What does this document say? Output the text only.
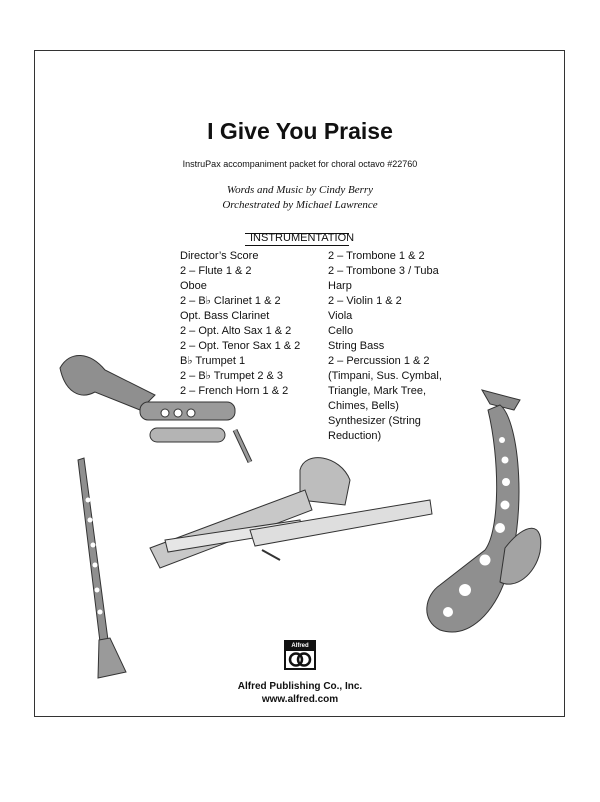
I Give You Praise
InstruPax accompaniment packet for choral octavo #22760
Words and Music by Cindy Berry
Orchestrated by Michael Lawrence
INSTRUMENTATION
Director’s Score
2 – Flute 1 & 2
Oboe
2 – B♭ Clarinet 1 & 2
Opt. Bass Clarinet
2 – Opt. Alto Sax 1 & 2
2 – Opt. Tenor Sax 1 & 2
B♭ Trumpet 1
2 – B♭ Trumpet 2 & 3
2 – French Horn 1 & 2
2 – Trombone 1 & 2
2 – Trombone 3 / Tuba
Harp
2 – Violin 1 & 2
Viola
Cello
String Bass
2 – Percussion 1 & 2
(Timpani, Sus. Cymbal,
Triangle, Mark Tree,
Chimes, Bells)
Synthesizer (String
Reduction)
Alfred
Alfred Publishing Co., Inc.
www.alfred.com
